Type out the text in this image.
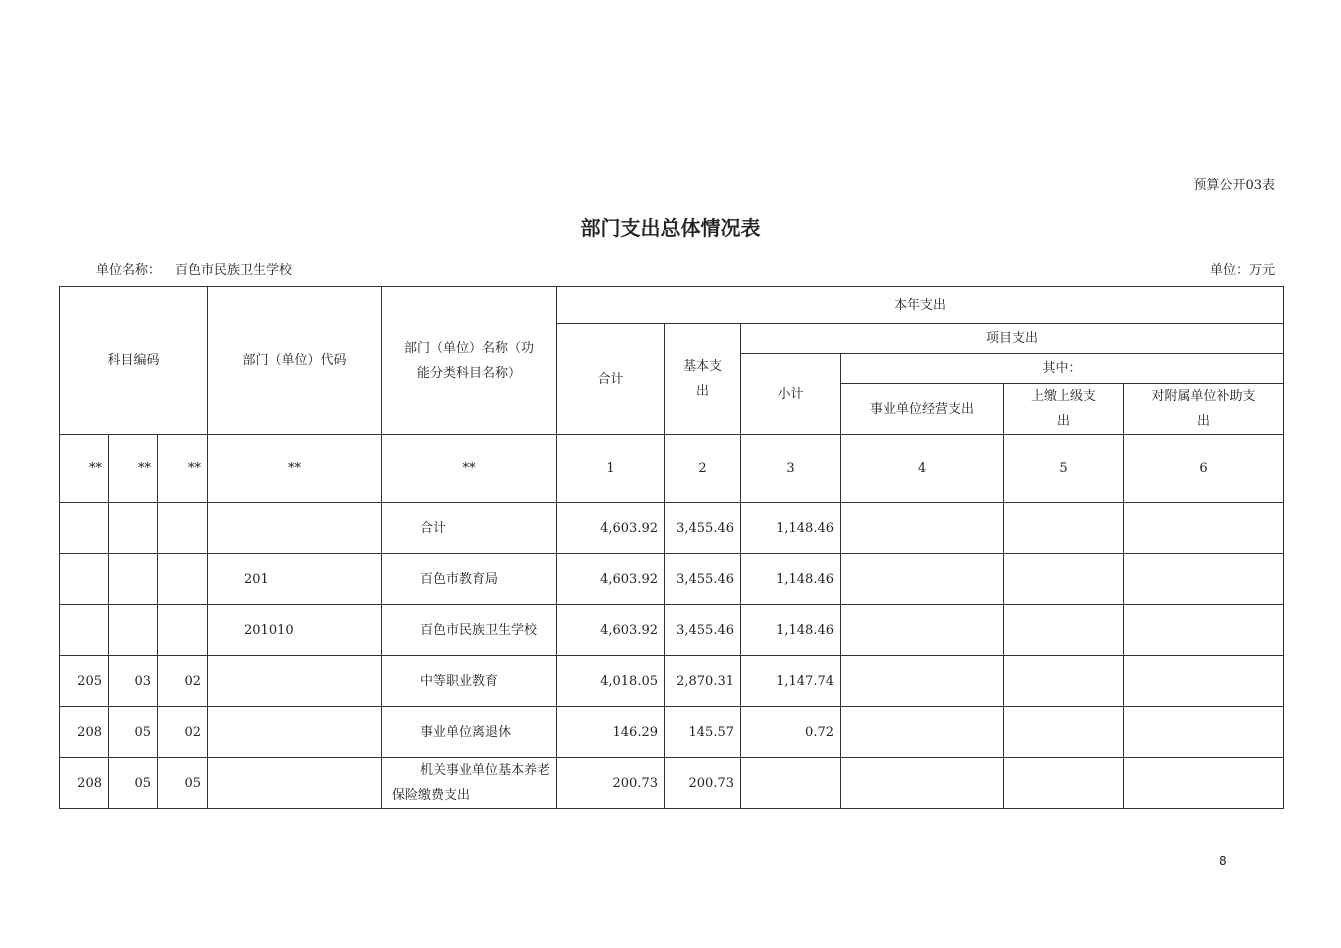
预算公开03表
部门支出总体情况表
单位名称： 百色市民族卫生学校	单位：万元
科目编码			部门（单位）代码	部门（单位）名称（功能分类科目名称）	本年支出					
					合计	基本支出	项目支出			
							小计	其中：		
								事业单位经营支出	上缴上级支出	对附属单位补助支出
**	**	**	**	**	1	2	3	4	5	6
				合计	4,603.92	3,455.46	1,148.46			
			201	百色市教育局	4,603.92	3,455.46	1,148.46			
			201010	百色市民族卫生学校	4,603.92	3,455.46	1,148.46			
205	03	02		中等职业教育	4,018.05	2,870.31	1,147.74			
208	05	02		事业单位离退休	146.29	145.57	0.72			
208	05	05		机关事业单位基本养老保险缴费支出	200.73	200.73				
8
